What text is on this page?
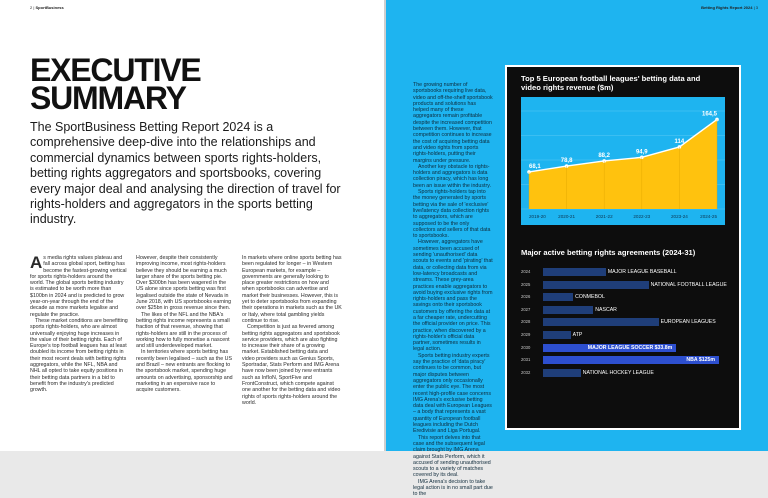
2 | SportBusiness
EXECUTIVE
SUMMARY
The SportBusiness Betting Report 2024 is a comprehensive deep-dive into the relationships and commercial dynamics between sports rights-holders, betting rights aggregators and sportsbooks, covering every major deal and analysing the direction of travel for rights-holders and aggregators in the sports betting industry.

As media rights values plateau and fall across global sport, betting has become the fastest-growing vertical for sports rights-holders around the world. The global sports betting industry is estimated to be worth more than $100bn in 2024 and is predicted to grow year-on-year through the end of the decade as more markets legalise and regulate the practice.

These market conditions are benefitting sports rights-holders, who are almost universally enjoying huge increases in the value of their betting rights. Each of Europe's top football leagues has at least doubled its income from betting rights in their most recent deals with betting rights aggregators, while the NFL, NBA and NHL all opted to take equity positions in their betting data partners in a bid to benefit from the industry's predicted growth.

However, despite their consistently improving income, most rights-holders believe they should be earning a much larger share of the sports betting pie. Over $300bn has been wagered in the US alone since sports betting was first legalised outside the state of Nevada in June 2018, with US sportsbooks earning over $25bn in gross revenue since then.

The likes of the NFL and the NBA's betting rights income represents a small fraction of that revenue, showing that rights-holders are still in the process of working how to fully monetise a nascent and still underdeveloped market.

In territories where sports betting has recently been legalised – such as the US and Brazil – new entrants are flocking to the sportsbook market, spending huge amounts on advertising, sponsorship and marketing in an expensive race to acquire customers.

In markets where online sports betting has been regulated for longer – in Western European markets, for example – governments are generally looking to place greater restrictions on how and when sportsbooks can advertise and market their businesses. However, this is yet to deter sportsbooks from expanding their operations in markets such as the UK or Italy, where total gambling yields continue to rise.

Competition is just as fevered among betting rights aggregators and sportsbook service providers, which are also fighting to increase their share of a growing market. Established betting data and video providers such as Genius Sports, Sportradar, Stats Perform and IMG Arena have now been joined by new entrants such as InfIoN, SportFive and FrontConstruct, which compete against one another for the betting data and video rights of sports rights-holders around the world.

Betting Rights Report 2024 | 3

The growing number of sportsbooks requiring live data, video and off-the-shelf sportsbook products and solutions has helped many of these aggregators remain profitable despite the increased competition between them. However, that competition continues to increase the cost of acquiring betting data and video rights from sports rights-holders, putting their margins under pressure.

Another key obstacle to rights-holders and aggregators is data collection piracy, which has long been an issue within the industry.

Sports rights-holders tap into the money generated by sports betting via the sale of 'exclusive' live/latency data collection rights to aggregators, which are supposed to be the only collectors and sellers of that data to sportsbooks.

However, aggregators have sometimes been accused of sending 'unauthorised' data scouts to events and 'pirating' that data, or collecting data from via low-latency broadcasts and streams. These grey-area practices enable aggregators to avoid buying exclusive rights from rights-holders and pass the savings onto their sportsbook customers by offering the data at a far cheaper rate, undercutting the official provider on price. This practice, when discovered by a rights-holder's official data partner, sometimes results in legal action.

Sports betting industry experts say the practice of 'data piracy' continues to be common, but major disputes between aggregators only occasionally enter the public eye. The most recent high-profile case concerns IMG Arena's exclusive betting data deal with European Leagues – a body that represents a vast quantity of European football leagues including the Dutch Eredivisie and Liga Portugal.

This report delves into that case and the subsequent legal claim brought by IMG Arena against Stats Perform, which it accused of sending unauthorised scouts to a variety of matches covered by its deal.

IMG Arena's decision to take legal action is in no small part due to the

Top 5 European football leagues' betting data and video rights revenue ($m)
68,1
2019-20
78,8
2020-21
88,2
2021-22
94,9
2022-23
114
2023-24
164,5
2024-25
Major active betting rights agreements (2024-31)
MAJOR LEAGUE BASEBALL
2024
NATIONAL FOOTBALL LEAGUE
2025
CONMEBOL
2026
NASCAR
2027
EUROPEAN LEAGUES
2028
ATP
2029
MAJOR LEAGUE SOCCER $33.8m
2030
NBA $125m
2031
NATIONAL HOCKEY LEAGUE
2032
